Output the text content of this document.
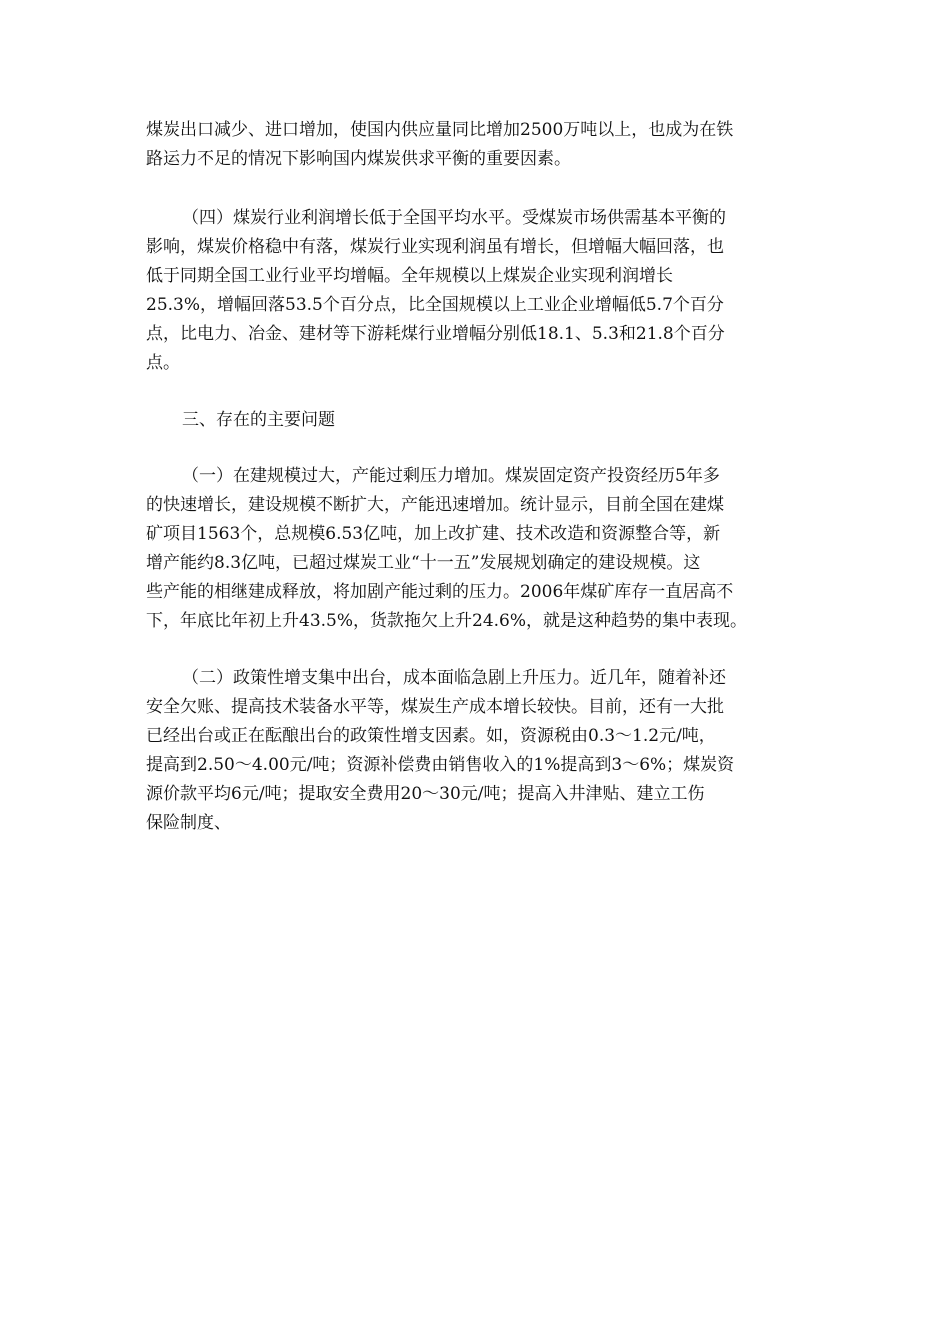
煤炭出口减少、进口增加，使国内供应量同比增加2500万吨以上，也成为在铁
路运力不足的情况下影响国内煤炭供求平衡的重要因素。
（四）煤炭行业利润增长低于全国平均水平。受煤炭市场供需基本平衡的
影响，煤炭价格稳中有落，煤炭行业实现利润虽有增长，但增幅大幅回落，也
低于同期全国工业行业平均增幅。全年规模以上煤炭企业实现利润增长
25.3%，增幅回落53.5个百分点，比全国规模以上工业企业增幅低5.7个百分
点，比电力、冶金、建材等下游耗煤行业增幅分别低18.1、5.3和21.8个百分
点。
三、存在的主要问题
（一）在建规模过大，产能过剩压力增加。煤炭固定资产投资经历5年多
的快速增长，建设规模不断扩大，产能迅速增加。统计显示，目前全国在建煤
矿项目1563个，总规模6.53亿吨，加上改扩建、技术改造和资源整合等，新
增产能约8.3亿吨，已超过煤炭工业“十一五”发展规划确定的建设规模。这
些产能的相继建成释放，将加剧产能过剩的压力。2006年煤矿库存一直居高不
下，年底比年初上升43.5%，货款拖欠上升24.6%，就是这种趋势的集中表现。
（二）政策性增支集中出台，成本面临急剧上升压力。近几年，随着补还
安全欠账、提高技术装备水平等，煤炭生产成本增长较快。目前，还有一大批
已经出台或正在酝酿出台的政策性增支因素。如，资源税由0.3～1.2元/吨，
提高到2.50～4.00元/吨；资源补偿费由销售收入的1%提高到3～6%；煤炭资
源价款平均6元/吨；提取安全费用20～30元/吨；提高入井津贴、建立工伤
保险制度、
